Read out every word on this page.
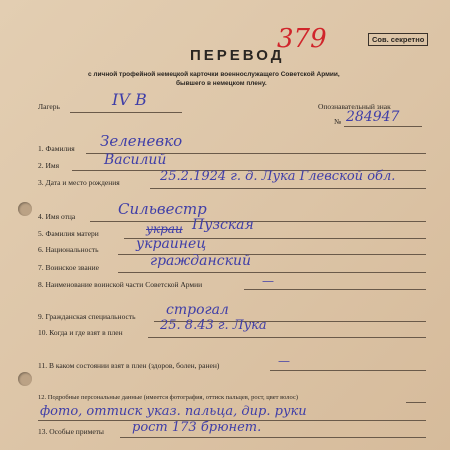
Сов. секретно
ПЕРЕВОД
379
с личной трофейной немецкой карточки военнослужащего Советской Армии,
бывшего в немецком плену.
Лагерь	IV B	Опознавательный знак
№ 284947
1. Фамилия Зеленевко
2. Имя	Василий
3. Дата и место рождения	25.2.1924 г. д. Лука Глевской обл.
4. Имя отца	Сильвестр
5. Фамилия матери	украи Пузская
6. Национальность	украинец
7. Воинское звание	гражданский
8. Наименование воинской части Советской Армии	—
9. Гражданская специальность строгал
10. Когда и где взят в плен	25. 8.43 г. Лука
11. В каком состоянии взят в плен (здоров, болен, ранен)	—
12. Подробные персональные данные (имеется фотография, оттиск пальцев, рост, цвет волос)
фото, оттиск указ. пальца, дир. руки
13. Особые приметы рост 173 брюнет.
